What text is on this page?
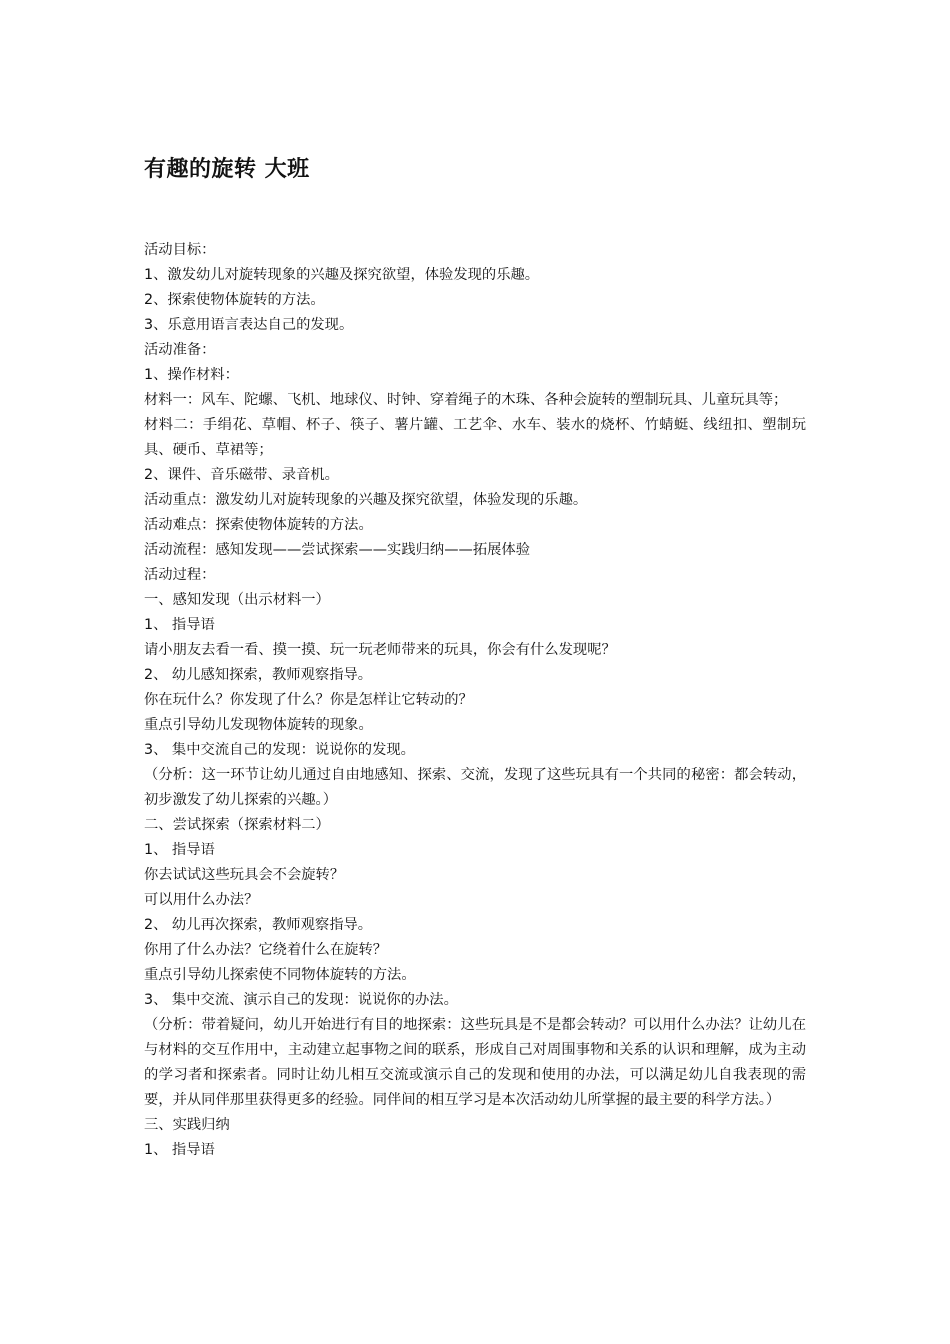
有趣的旋转 大班
活动目标：
1、激发幼儿对旋转现象的兴趣及探究欲望，体验发现的乐趣。
2、探索使物体旋转的方法。
3、乐意用语言表达自己的发现。
活动准备：
1、操作材料：
材料一：风车、陀螺、飞机、地球仪、时钟、穿着绳子的木珠、各种会旋转的塑制玩具、儿童玩具等；
材料二：手绢花、草帽、杯子、筷子、薯片罐、工艺伞、水车、装水的烧杯、竹蜻蜓、线纽扣、塑制玩具、硬币、草裙等；
2、课件、音乐磁带、录音机。
活动重点：激发幼儿对旋转现象的兴趣及探究欲望，体验发现的乐趣。
活动难点：探索使物体旋转的方法。
活动流程：感知发现——尝试探索——实践归纳——拓展体验
活动过程：
一、感知发现（出示材料一）
1、 指导语
请小朋友去看一看、摸一摸、玩一玩老师带来的玩具，你会有什么发现呢？
2、 幼儿感知探索，教师观察指导。
你在玩什么？你发现了什么？你是怎样让它转动的？
重点引导幼儿发现物体旋转的现象。
3、 集中交流自己的发现：说说你的发现。
（分析：这一环节让幼儿通过自由地感知、探索、交流，发现了这些玩具有一个共同的秘密：都会转动，初步激发了幼儿探索的兴趣。）
二、尝试探索（探索材料二）
1、 指导语
你去试试这些玩具会不会旋转？
可以用什么办法？
2、 幼儿再次探索，教师观察指导。
你用了什么办法？它绕着什么在旋转？
重点引导幼儿探索使不同物体旋转的方法。
3、 集中交流、演示自己的发现：说说你的办法。
（分析：带着疑问，幼儿开始进行有目的地探索：这些玩具是不是都会转动？可以用什么办法？让幼儿在与材料的交互作用中，主动建立起事物之间的联系，形成自己对周围事物和关系的认识和理解，成为主动的学习者和探索者。同时让幼儿相互交流或演示自己的发现和使用的办法，可以满足幼儿自我表现的需要，并从同伴那里获得更多的经验。同伴间的相互学习是本次活动幼儿所掌握的最主要的科学方法。）
三、实践归纳
1、 指导语
